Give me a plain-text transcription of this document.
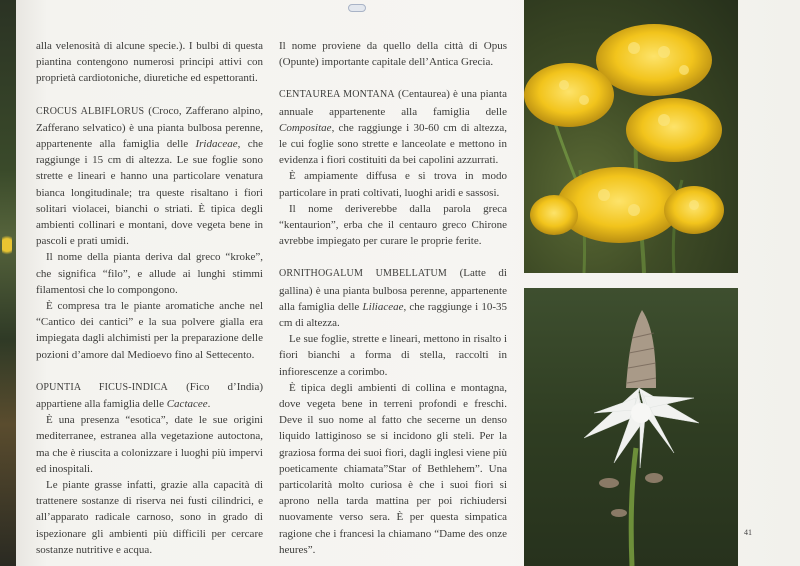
alla velenosità di alcune specie.). I bulbi di questa piantina contengono numerosi principi attivi con proprietà cardiotoniche, diuretiche ed espettoranti.

CROCUS ALBIFLORUS (Croco, Zafferano alpino, Zafferano selvatico) è una pianta bulbosa perenne, appartenente alla famiglia delle Iridaceae, che raggiunge i 15 cm di altezza. Le sue foglie sono strette e lineari e hanno una particolare venatura bianca longitudinale; tra queste risaltano i fiori solitari violacei, bianchi o striati. È tipica degli ambienti collinari e montani, dove vegeta bene in pascoli e prati umidi.

Il nome della pianta deriva dal greco “kroke”, che significa “filo”, e allude ai lunghi stimmi filamentosi che lo compongono.

È compresa tra le piante aromatiche anche nel “Cantico dei cantici” e la sua polvere gialla era impiegata dagli alchimisti per la preparazione delle pozioni d’amore dal Medioevo fino al Settecento.

OPUNTIA FICUS-INDICA (Fico d’India) appartiene alla famiglia delle Cactacee.

È una presenza “esotica”, date le sue origini mediterranee, estranea alla vegetazione autoctona, ma che è riuscita a colonizzare i luoghi più impervi ed inospitali.

Le piante grasse infatti, grazie alla capacità di trattenere sostanze di riserva nei fusti cilindrici, e all’apparato radicale carnoso, sono in grado di ispezionare gli ambienti più difficili per cercare sostanze nutritive e acqua.

Il nome proviene da quello della città di Opus (Opunte) importante capitale dell’Antica Grecia.

CENTAUREA MONTANA (Centaurea) è una pianta annuale appartenente alla famiglia delle Compositae, che raggiunge i 30-60 cm di altezza, le cui foglie sono strette e lanceolate e mettono in evidenza i fiori costituiti da bei capolini azzurrati.

È ampiamente diffusa e si trova in modo particolare in prati coltivati, luoghi aridi e sassosi.

Il nome deriverebbe dalla parola greca “kentaurion”, erba che il centauro greco Chirone avrebbe impiegato per curare le proprie ferite.

ORNITHOGALUM UMBELLATUM (Latte di gallina) è una pianta bulbosa perenne, appartenente alla famiglia delle Liliaceae, che raggiunge i 10-35 cm di altezza.

Le sue foglie, strette e lineari, mettono in risalto i fiori bianchi a forma di stella, raccolti in infiorescenze a corimbo.

È tipica degli ambienti di collina e montagna, dove vegeta bene in terreni profondi e freschi. Deve il suo nome al fatto che secerne un denso liquido lattiginoso se si incidono gli steli. Per la graziosa forma dei suoi fiori, dagli inglesi viene più poeticamente chiamata”Star of Bethlehem”. Una particolarità molto curiosa è che i suoi fiori si aprono nella tarda mattina per poi richiudersi nuovamente verso sera. È per questa simpatica ragione che i francesi la chiamano “Dame des onze heures”.

41
